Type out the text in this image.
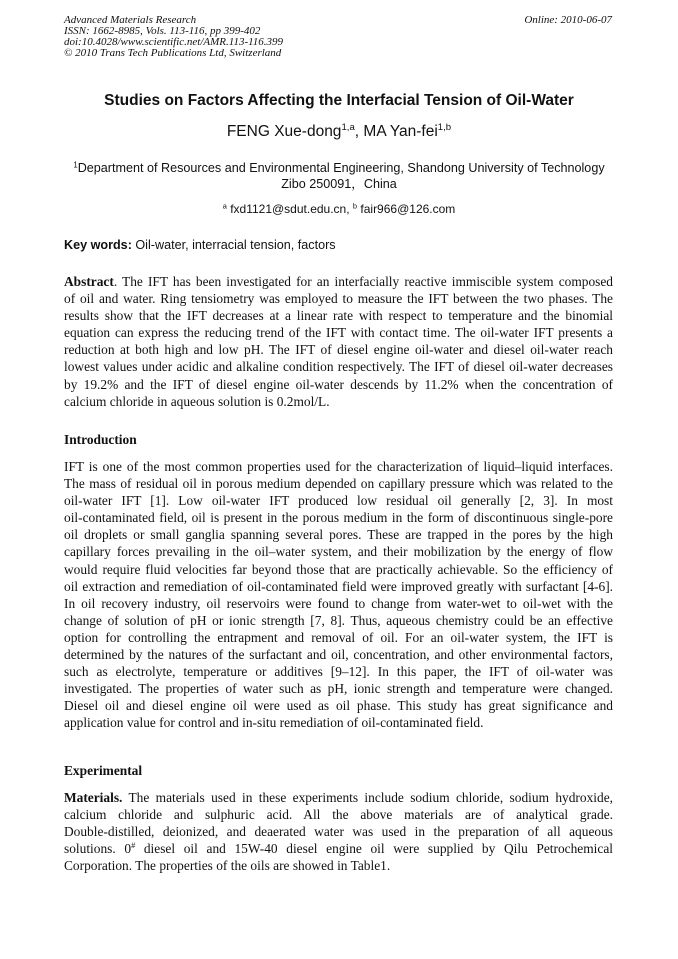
Advanced Materials Research
ISSN: 1662-8985, Vols. 113-116, pp 399-402
doi:10.4028/www.scientific.net/AMR.113-116.399
© 2010 Trans Tech Publications Ltd, Switzerland
Online: 2010-06-07
Studies on Factors Affecting the Interfacial Tension of Oil-Water
FENG Xue-dong$^{1,a}$, MA Yan-fei$^{1,b}$
$^1$Department of Resources and Environmental Engineering, Shandong University of Technology
Zibo 250091，China
$^a$ fxd1121@sdut.edu.cn, $^b$ fair966@126.com
Key words: Oil-water, interracial tension, factors
Abstract. The IFT has been investigated for an interfacially reactive immiscible system composed
of oil and water. Ring tensiometry was employed to measure the IFT between the two phases. The
results show that the IFT decreases at a linear rate with respect to temperature and the binomial
equation can express the reducing trend of the IFT with contact time. The oil-water IFT presents a
reduction at both high and low pH. The IFT of diesel engine oil-water and diesel oil-water reach
lowest values under acidic and alkaline condition respectively. The IFT of diesel oil-water decreases
by 19.2% and the IFT of diesel engine oil-water descends by 11.2% when the concentration of
calcium chloride in aqueous solution is 0.2mol/L.
Introduction
IFT is one of the most common properties used for the characterization of liquid–liquid interfaces.
The mass of residual oil in porous medium depended on capillary pressure which was related to the
oil-water IFT [1]. Low oil-water IFT produced low residual oil generally [2, 3]. In most
oil-contaminated field, oil is present in the porous medium in the form of discontinuous single-pore
oil droplets or small ganglia spanning several pores. These are trapped in the pores by the high
capillary forces prevailing in the oil–water system, and their mobilization by the energy of flow
would require fluid velocities far beyond those that are practically achievable. So the efficiency of
oil extraction and remediation of oil-contaminated field were improved greatly with surfactant [4-6].
In oil recovery industry, oil reservoirs were found to change from water-wet to oil-wet with the
change of solution of pH or ionic strength [7, 8]. Thus, aqueous chemistry could be an effective
option for controlling the entrapment and removal of oil. For an oil-water system, the IFT is
determined by the natures of the surfactant and oil, concentration, and other environmental factors,
such as electrolyte, temperature or additives [9–12]. In this paper, the IFT of oil-water was
investigated. The properties of water such as pH, ionic strength and temperature were changed.
Diesel oil and diesel engine oil were used as oil phase. This study has great significance and
application value for control and in-situ remediation of oil-contaminated field.
Experimental
Materials. The materials used in these experiments include sodium chloride, sodium hydroxide,
calcium chloride and sulphuric acid. All the above materials are of analytical grade.
Double-distilled, deionized, and deaerated water was used in the preparation of all aqueous
solutions. 0# diesel oil and 15W-40 diesel engine oil were supplied by Qilu Petrochemical
Corporation. The properties of the oils are showed in Table1.
